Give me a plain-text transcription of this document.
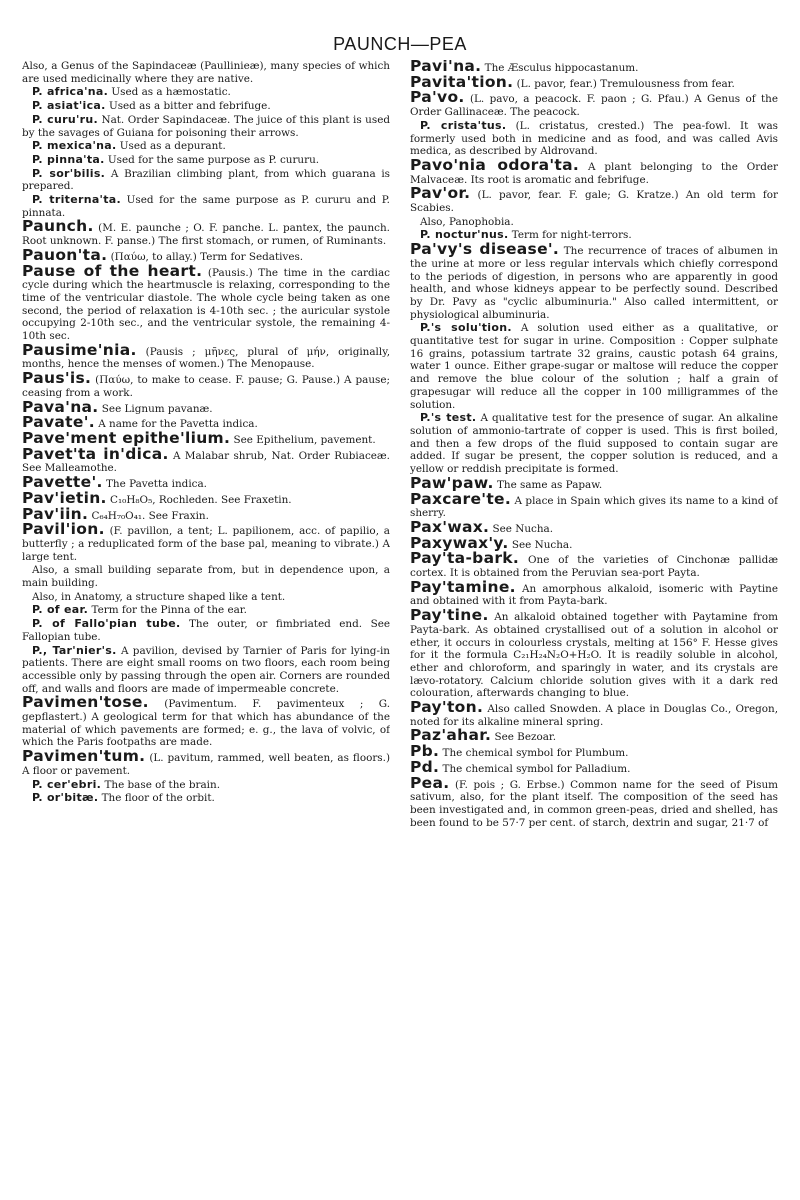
PAUNCH—PEA

Also, a Genus of the Sapindaceæ (Paullinieæ), many species of which are used medicinally where they are native.

P. africa'na. Used as a hæmostatic.

P. asiat'ica. Used as a bitter and febrifuge.

P. curu'ru. Nat. Order Sapindaceæ. The juice of this plant is used by the savages of Guiana for poisoning their arrows.

P. mexica'na. Used as a depurant.

P. pinna'ta. Used for the same purpose as P. cururu.

P. sor'bilis. A Brazilian climbing plant, from which guarana is prepared.

P. triterna'ta. Used for the same purpose as P. cururu and P. pinnata.

Paunch. (M. E. paunche ; O. F. panche. L. pantex, the paunch. Root unknown. F. panse.) The first stomach, or rumen, of Ruminants.

Pauon'ta. (Παύω, to allay.) Term for Sedatives.

Pause of the heart. (Pausis.) The time in the cardiac cycle during which the heartmuscle is relaxing, corresponding to the time of the ventricular diastole. The whole cycle being taken as one second, the period of relaxation is 4-10th sec. ; the auricular systole occupying 2-10th sec., and the ventricular systole, the remaining 4-10th sec.

Pausime'nia. (Pausis ; μῆνες, plural of μήν, originally, months, hence the menses of women.) The Menopause.

Paus'is. (Παύω, to make to cease. F. pause; G. Pause.) A pause; ceasing from a work.

Pava'na. See Lignum pavanæ.

Pavate'. A name for the Pavetta indica.

Pave'ment epithe'lium. See Epithelium, pavement.

Pavet'ta in'dica. A Malabar shrub, Nat. Order Rubiaceæ. See Malleamothe.

Pavette'. The Pavetta indica.

Pav'ietin. C₁₀H₈O₅, Rochleden. See Fraxetin.

Pav'iin. C₆₄H₇₀O₄₁. See Fraxin.

Pavil'ion. (F. pavillon, a tent; L. papilionem, acc. of papilio, a butterfly ; a reduplicated form of the base pal, meaning to vibrate.) A large tent.

Also, a small building separate from, but in dependence upon, a main building.

Also, in Anatomy, a structure shaped like a tent.

P. of ear. Term for the Pinna of the ear.

P. of Fallo'pian tube. The outer, or fimbriated end. See Fallopian tube.

P., Tar'nier's. A pavilion, devised by Tarnier of Paris for lying-in patients. There are eight small rooms on two floors, each room being accessible only by passing through the open air. Corners are rounded off, and walls and floors are made of impermeable concrete.

Pavimen'tose. (Pavimentum. F. pavimenteux ; G. gepflastert.) A geological term for that which has abundance of the material of which pavements are formed; e. g., the lava of volvic, of which the Paris footpaths are made.

Pavimen'tum. (L. pavitum, rammed, well beaten, as floors.) A floor or pavement.

P. cer'ebri. The base of the brain.

P. or'bitæ. The floor of the orbit.

Pavi'na. The Æsculus hippocastanum.

Pavita'tion. (L. pavor, fear.) Tremulousness from fear.

Pa'vo. (L. pavo, a peacock. F. paon ; G. Pfau.) A Genus of the Order Gallinaceæ. The peacock.

P. crista'tus. (L. cristatus, crested.) The pea-fowl. It was formerly used both in medicine and as food, and was called Avis medica, as described by Aldrovand.

Pavo'nia odora'ta. A plant belonging to the Order Malvaceæ. Its root is aromatic and febrifuge.

Pav'or. (L. pavor, fear. F. gale; G. Kratze.) An old term for Scabies.

Also, Panophobia.

P. noctur'nus. Term for night-terrors.

Pa'vy's disease'. The recurrence of traces of albumen in the urine at more or less regular intervals which chiefly correspond to the periods of digestion, in persons who are apparently in good health, and whose kidneys appear to be perfectly sound. Described by Dr. Pavy as "cyclic albuminuria." Also called intermittent, or physiological albuminuria.

P.'s solu'tion. A solution used either as a qualitative, or quantitative test for sugar in urine. Composition : Copper sulphate 16 grains, potassium tartrate 32 grains, caustic potash 64 grains, water 1 ounce. Either grape-sugar or maltose will reduce the copper and remove the blue colour of the solution ; half a grain of grapesugar will reduce all the copper in 100 milligrammes of the solution.

P.'s test. A qualitative test for the presence of sugar. An alkaline solution of ammonio-tartrate of copper is used. This is first boiled, and then a few drops of the fluid supposed to contain sugar are added. If sugar be present, the copper solution is reduced, and a yellow or reddish precipitate is formed.

Paw'paw. The same as Papaw.

Paxcare'te. A place in Spain which gives its name to a kind of sherry.

Pax'wax. See Nucha.

Paxywax'y. See Nucha.

Pay'ta-bark. One of the varieties of Cinchonæ pallidæ cortex. It is obtained from the Peruvian sea-port Payta.

Pay'tamine. An amorphous alkaloid, isomeric with Paytine and obtained with it from Payta-bark.

Pay'tine. An alkaloid obtained together with Paytamine from Payta-bark. As obtained crystallised out of a solution in alcohol or ether, it occurs in colourless crystals, melting at 156° F. Hesse gives for it the formula C₂₁H₂₄N₂O+H₂O. It is readily soluble in alcohol, ether and chloroform, and sparingly in water, and its crystals are lævo-rotatory. Calcium chloride solution gives with it a dark red colouration, afterwards changing to blue.

Pay'ton. Also called Snowden. A place in Douglas Co., Oregon, noted for its alkaline mineral spring.

Paz'ahar. See Bezoar.

Pb. The chemical symbol for Plumbum.

Pd. The chemical symbol for Palladium.

Pea. (F. pois ; G. Erbse.) Common name for the seed of Pisum sativum, also, for the plant itself. The composition of the seed has been investigated and, in common green-peas, dried and shelled, has been found to be 57·7 per cent. of starch, dextrin and sugar, 21·7 of
